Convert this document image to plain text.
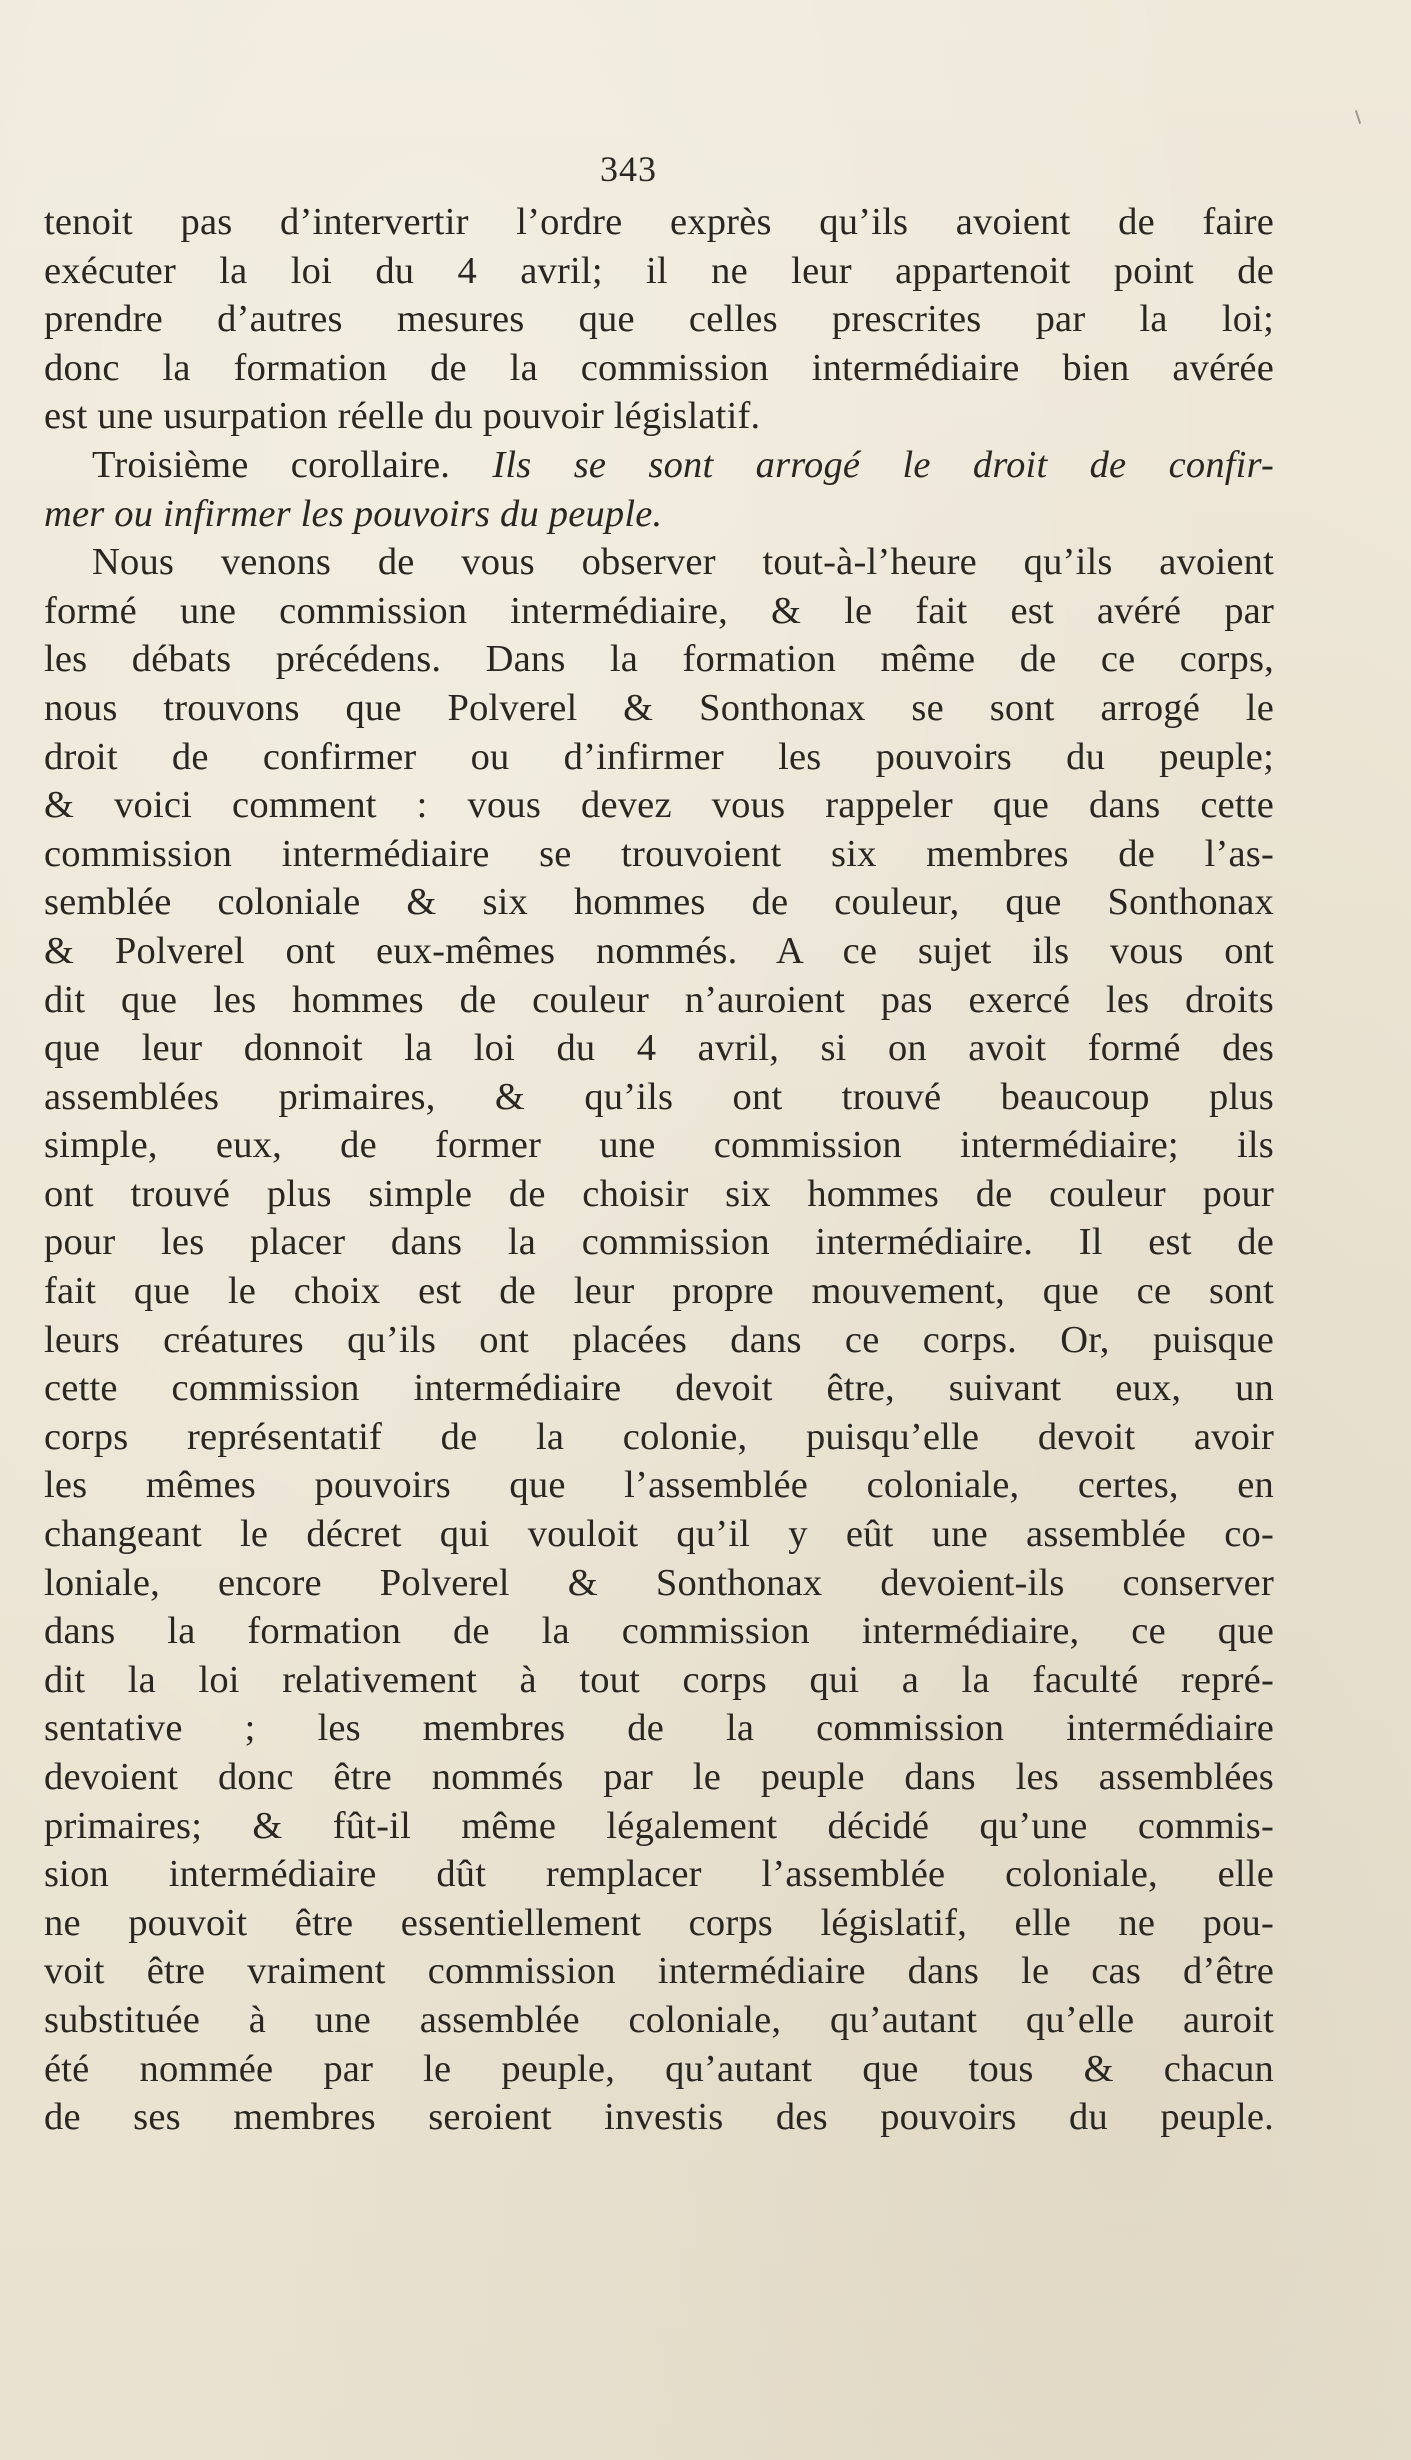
343
tenoit pas d’intervertir l’ordre exprès qu’ils avoient de faire
exécuter la loi du 4 avril; il ne leur appartenoit point de
prendre d’autres mesures que celles prescrites par la loi;
donc la formation de la commission intermédiaire bien avérée
est une usurpation réelle du pouvoir législatif.
Troisième corollaire. Ils se sont arrogé le droit de confir-
mer ou infirmer les pouvoirs du peuple.
Nous venons de vous observer tout-à-l’heure qu’ils avoient
formé une commission intermédiaire, & le fait est avéré par
les débats précédens. Dans la formation même de ce corps,
nous trouvons que Polverel & Sonthonax se sont arrogé le
droit de confirmer ou d’infirmer les pouvoirs du peuple;
& voici comment : vous devez vous rappeler que dans cette
commission intermédiaire se trouvoient six membres de l’as-
semblée coloniale & six hommes de couleur, que Sonthonax
& Polverel ont eux-mêmes nommés. A ce sujet ils vous ont
dit que les hommes de couleur n’auroient pas exercé les droits
que leur donnoit la loi du 4 avril, si on avoit formé des
assemblées primaires, & qu’ils ont trouvé beaucoup plus
simple, eux, de former une commission intermédiaire; ils
ont trouvé plus simple de choisir six hommes de couleur pour
pour les placer dans la commission intermédiaire. Il est de
fait que le choix est de leur propre mouvement, que ce sont
leurs créatures qu’ils ont placées dans ce corps. Or, puisque
cette commission intermédiaire devoit être, suivant eux, un
corps représentatif de la colonie, puisqu’elle devoit avoir
les mêmes pouvoirs que l’assemblée coloniale, certes, en
changeant le décret qui vouloit qu’il y eût une assemblée co-
loniale, encore Polverel & Sonthonax devoient-ils conserver
dans la formation de la commission intermédiaire, ce que
dit la loi relativement à tout corps qui a la faculté repré-
sentative ; les membres de la commission intermédiaire
devoient donc être nommés par le peuple dans les assemblées
primaires; & fût-il même légalement décidé qu’une commis-
sion intermédiaire dût remplacer l’assemblée coloniale, elle
ne pouvoit être essentiellement corps législatif, elle ne pou-
voit être vraiment commission intermédiaire dans le cas d’être
substituée à une assemblée coloniale, qu’autant qu’elle auroit
été nommée par le peuple, qu’autant que tous & chacun
de ses membres seroient investis des pouvoirs du peuple.
